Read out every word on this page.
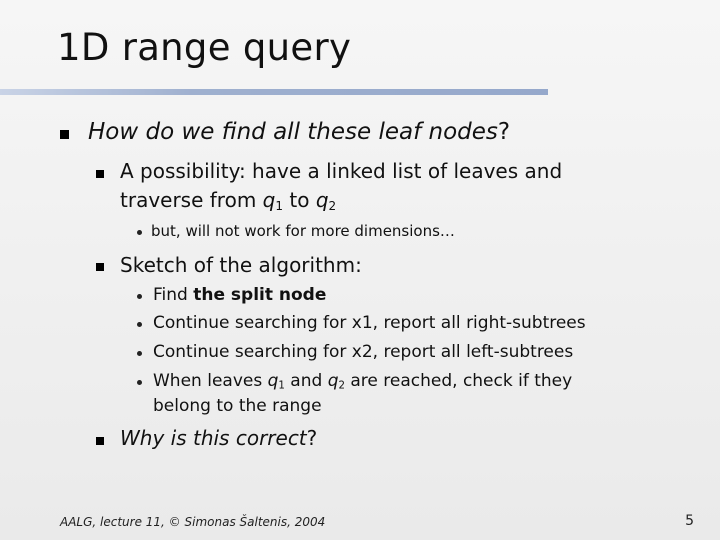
1D range query
How do we find all these leaf nodes?
A possibility: have a linked list of leaves and
traverse from $q_1$ to $q_2$
but, will not work for more dimensions…
Sketch of the algorithm:
Find the split node
Continue searching for x1, report all right-subtrees
Continue searching for x2, report all left-subtrees
When leaves $q_1$ and $q_2$ are reached, check if they
belong to the range
Why is this correct?
AALG, lecture 11, © Simonas Šaltenis, 2004	5
